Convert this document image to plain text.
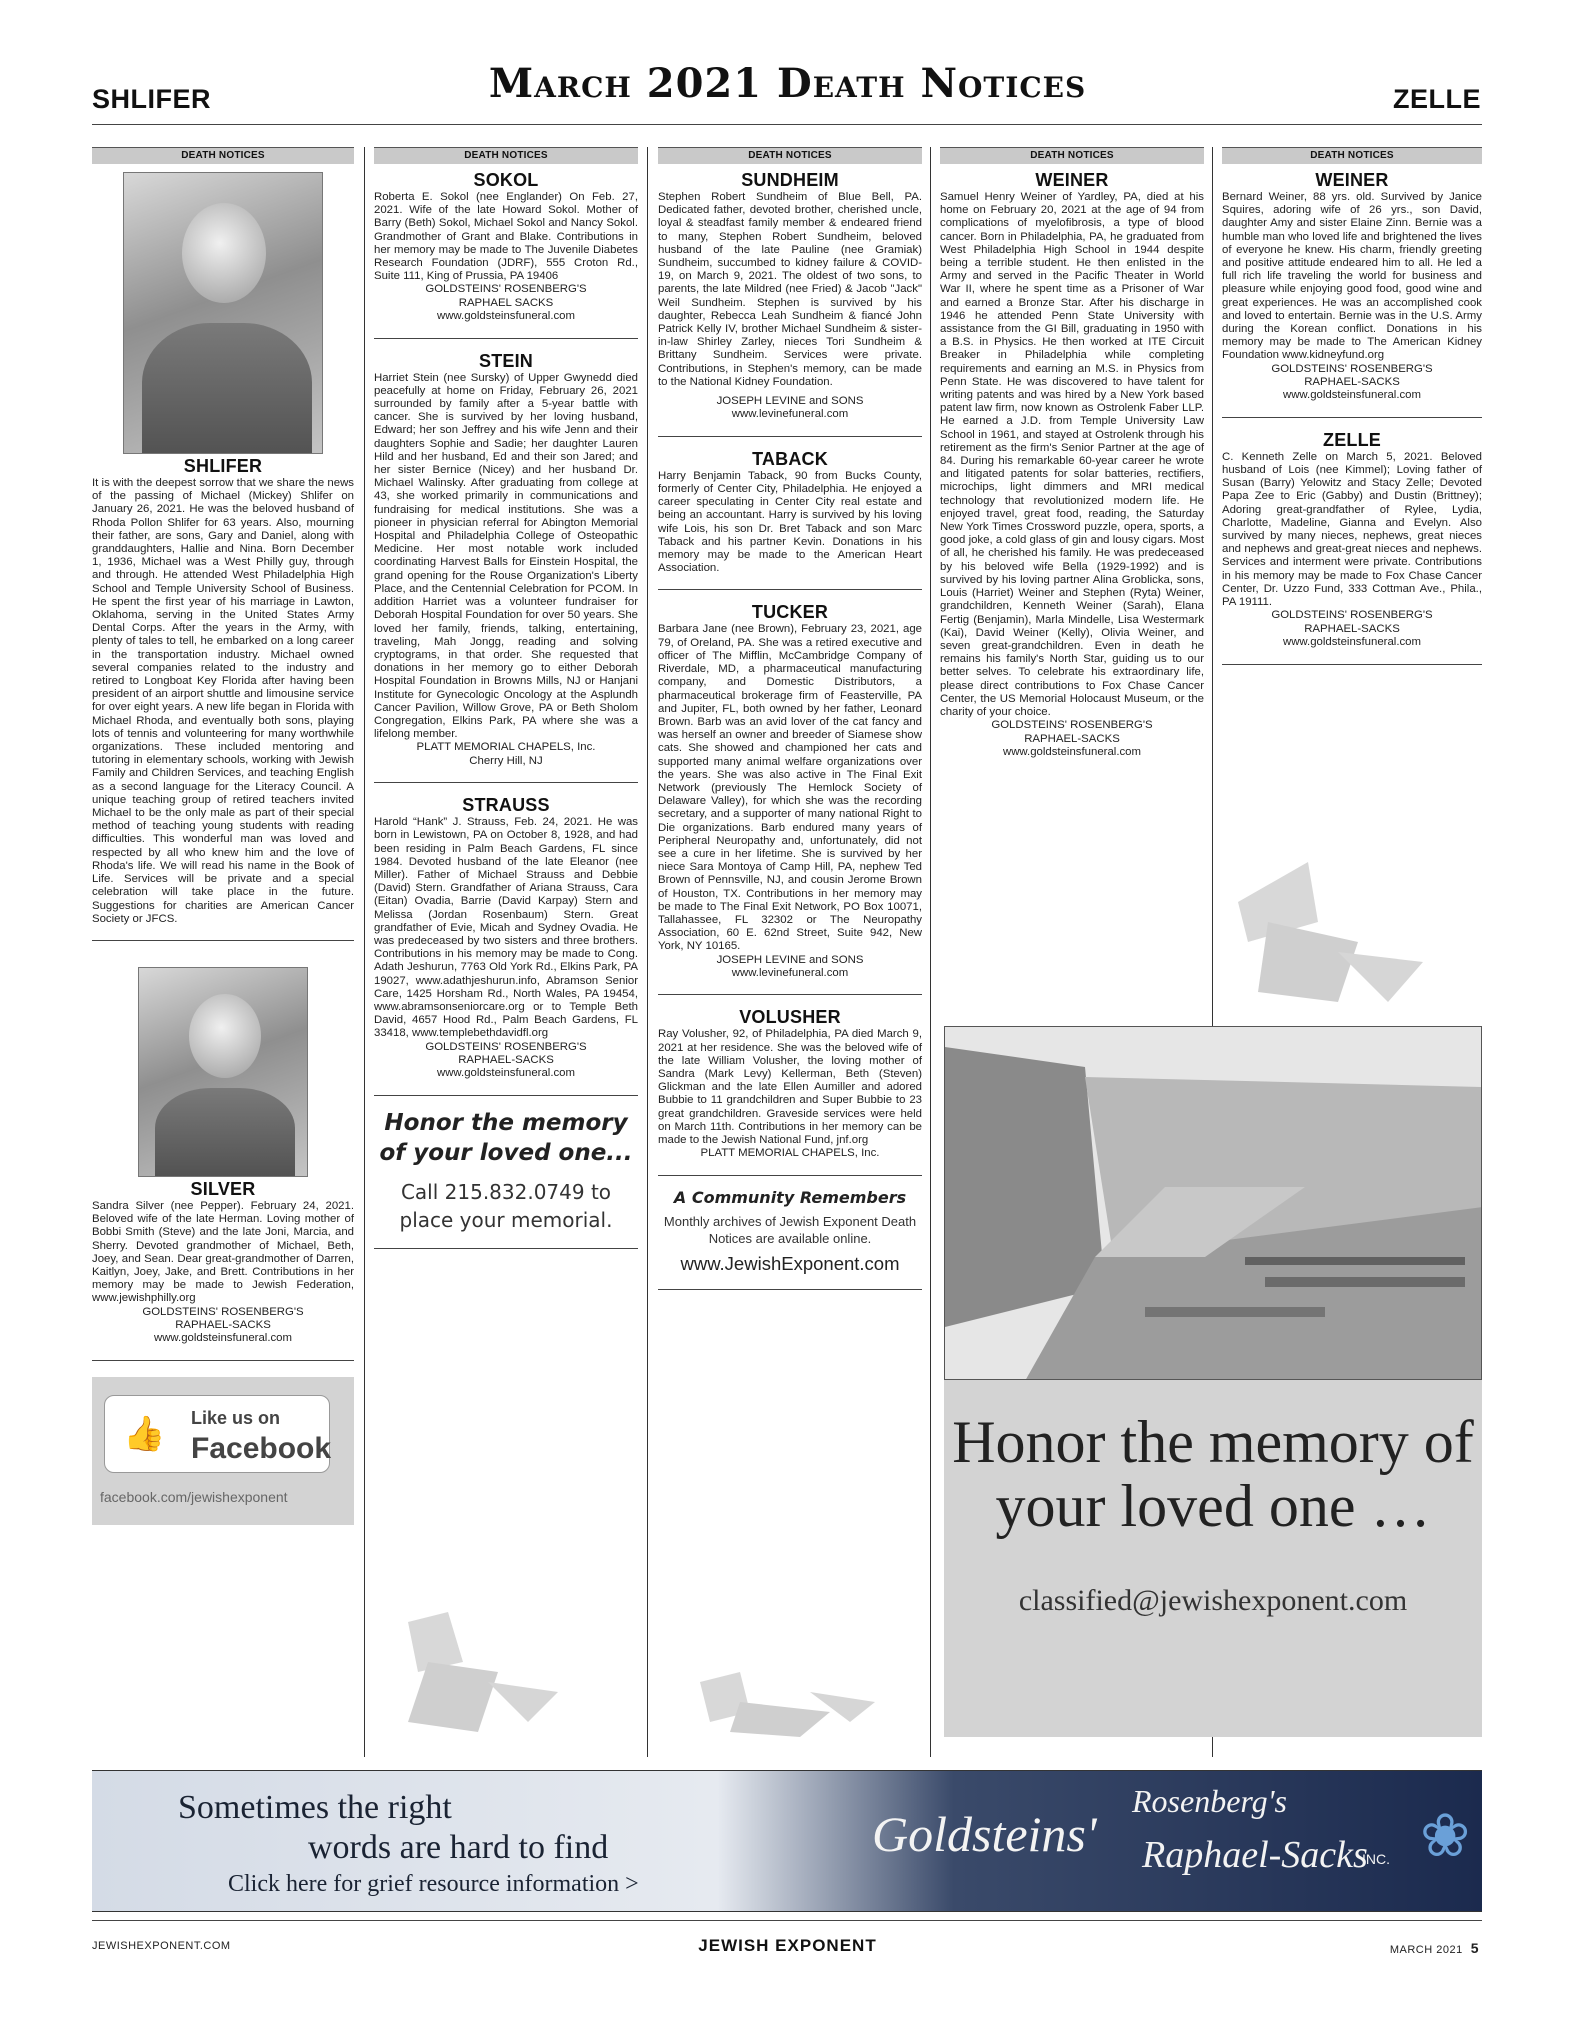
SHLIFER	March 2021 Death Notices	ZELLE
DEATH NOTICES
SHLIFER
It is with the deepest sorrow that we share the news of the passing of Michael (Mickey) Shlifer on January 26, 2021. He was the beloved husband of Rhoda Pollon Shlifer for 63 years. Also, mourning their father, are sons, Gary and Daniel, along with granddaughters, Hallie and Nina. Born December 1, 1936, Michael was a West Philly guy, through and through. He attended West Philadelphia High School and Temple University School of Business. He spent the first year of his marriage in Lawton, Oklahoma, serving in the United States Army Dental Corps. After the years in the Army, with plenty of tales to tell, he embarked on a long career in the transportation industry. Michael owned several companies related to the industry and retired to Longboat Key Florida after having been president of an airport shuttle and limousine service for over eight years. A new life began in Florida with Michael Rhoda, and eventually both sons, playing lots of tennis and volunteering for many worthwhile organizations. These included mentoring and tutoring in elementary schools, working with Jewish Family and Children Services, and teaching English as a second language for the Literacy Council. A unique teaching group of retired teachers invited Michael to be the only male as part of their special method of teaching young students with reading difficulties. This wonderful man was loved and respected by all who knew him and the love of Rhoda's life. We will read his name in the Book of Life. Services will be private and a special celebration will take place in the future. Suggestions for charities are American Cancer Society or JFCS.
SILVER
Sandra Silver (nee Pepper). February 24, 2021. Beloved wife of the late Herman. Loving mother of Bobbi Smith (Steve) and the late Joni, Marcia, and Sherry. Devoted grandmother of Michael, Beth, Joey, and Sean. Dear great-grandmother of Darren, Kaitlyn, Joey, Jake, and Brett. Contributions in her memory may be made to Jewish Federation, www.jewishphilly.org
GOLDSTEINS' ROSENBERG'S
RAPHAEL-SACKS
www.goldsteinsfuneral.com
👍 Like us on
Facebook
facebook.com/jewishexponent
DEATH NOTICES
SOKOL
Roberta E. Sokol (nee Englander) On Feb. 27, 2021. Wife of the late Howard Sokol. Mother of Barry (Beth) Sokol, Michael Sokol and Nancy Sokol. Grandmother of Grant and Blake. Contributions in her memory may be made to The Juvenile Diabetes Research Foundation (JDRF), 555 Croton Rd., Suite 111, King of Prussia, PA 19406
GOLDSTEINS' ROSENBERG'S
RAPHAEL SACKS
www.goldsteinsfuneral.com
STEIN
Harriet Stein (nee Sursky) of Upper Gwynedd died peacefully at home on Friday, February 26, 2021 surrounded by family after a 5-year battle with cancer. She is survived by her loving husband, Edward; her son Jeffrey and his wife Jenn and their daughters Sophie and Sadie; her daughter Lauren Hild and her husband, Ed and their son Jared; and her sister Bernice (Nicey) and her husband Dr. Michael Walinsky. After graduating from college at 43, she worked primarily in communications and fundraising for medical institutions. She was a pioneer in physician referral for Abington Memorial Hospital and Philadelphia College of Osteopathic Medicine. Her most notable work included coordinating Harvest Balls for Einstein Hospital, the grand opening for the Rouse Organization's Liberty Place, and the Centennial Celebration for PCOM. In addition Harriet was a volunteer fundraiser for Deborah Hospital Foundation for over 50 years. She loved her family, friends, talking, entertaining, traveling, Mah Jongg, reading and solving cryptograms, in that order. She requested that donations in her memory go to either Deborah Hospital Foundation in Browns Mills, NJ or Hanjani Institute for Gynecologic Oncology at the Asplundh Cancer Pavilion, Willow Grove, PA or Beth Sholom Congregation, Elkins Park, PA where she was a lifelong member.
PLATT MEMORIAL CHAPELS, Inc.
Cherry Hill, NJ
STRAUSS
Harold “Hank” J. Strauss, Feb. 24, 2021. He was born in Lewistown, PA on October 8, 1928, and had been residing in Palm Beach Gardens, FL since 1984. Devoted husband of the late Eleanor (nee Miller). Father of Michael Strauss and Debbie (David) Stern. Grandfather of Ariana Strauss, Cara (Eitan) Ovadia, Barrie (David Karpay) Stern and Melissa (Jordan Rosenbaum) Stern. Great grandfather of Evie, Micah and Sydney Ovadia. He was predeceased by two sisters and three brothers. Contributions in his memory may be made to Cong. Adath Jeshurun, 7763 Old York Rd., Elkins Park, PA 19027, www.adathjeshurun.info, Abramson Senior Care, 1425 Horsham Rd., North Wales, PA 19454, www.abramsonseniorcare.org or to Temple Beth David, 4657 Hood Rd., Palm Beach Gardens, FL 33418, www.templebethdavidfl.org
GOLDSTEINS' ROSENBERG'S
RAPHAEL-SACKS
www.goldsteinsfuneral.com
Honor the memory of your loved one...
Call 215.832.0749 to place your memorial.
DEATH NOTICES
SUNDHEIM
Stephen Robert Sundheim of Blue Bell, PA. Dedicated father, devoted brother, cherished uncle, loyal & steadfast family member & endeared friend to many, Stephen Robert Sundheim, beloved husband of the late Pauline (nee Gramiak) Sundheim, succumbed to kidney failure & COVID-19, on March 9, 2021. The oldest of two sons, to parents, the late Mildred (nee Fried) & Jacob "Jack" Weil Sundheim. Stephen is survived by his daughter, Rebecca Leah Sundheim & fiancé John Patrick Kelly IV, brother Michael Sundheim & sister-in-law Shirley Zarley, nieces Tori Sundheim & Brittany Sundheim. Services were private. Contributions, in Stephen's memory, can be made to the National Kidney Foundation.
JOSEPH LEVINE and SONS
www.levinefuneral.com
TABACK
Harry Benjamin Taback, 90 from Bucks County, formerly of Center City, Philadelphia. He enjoyed a career speculating in Center City real estate and being an accountant. Harry is survived by his loving wife Lois, his son Dr. Bret Taback and son Marc Taback and his partner Kevin. Donations in his memory may be made to the American Heart Association.
TUCKER
Barbara Jane (nee Brown), February 23, 2021, age 79, of Oreland, PA. She was a retired executive and officer of The Mifflin, McCambridge Company of Riverdale, MD, a pharmaceutical manufacturing company, and Domestic Distributors, a pharmaceutical brokerage firm of Feasterville, PA and Jupiter, FL, both owned by her father, Leonard Brown. Barb was an avid lover of the cat fancy and was herself an owner and breeder of Siamese show cats. She showed and championed her cats and supported many animal welfare organizations over the years. She was also active in The Final Exit Network (previously The Hemlock Society of Delaware Valley), for which she was the recording secretary, and a supporter of many national Right to Die organizations. Barb endured many years of Peripheral Neuropathy and, unfortunately, did not see a cure in her lifetime. She is survived by her niece Sara Montoya of Camp Hill, PA, nephew Ted Brown of Pennsville, NJ, and cousin Jerome Brown of Houston, TX. Contributions in her memory may be made to The Final Exit Network, PO Box 10071, Tallahassee, FL 32302 or The Neuropathy Association, 60 E. 62nd Street, Suite 942, New York, NY 10165.
JOSEPH LEVINE and SONS
www.levinefuneral.com
VOLUSHER
Ray Volusher, 92, of Philadelphia, PA died March 9, 2021 at her residence. She was the beloved wife of the late William Volusher, the loving mother of Sandra (Mark Levy) Kellerman, Beth (Steven) Glickman and the late Ellen Aumiller and adored Bubbie to 11 grandchildren and Super Bubbie to 23 great grandchildren. Graveside services were held on March 11th. Contributions in her memory can be made to the Jewish National Fund, jnf.org
PLATT MEMORIAL CHAPELS, Inc.
A Community Remembers
Monthly archives of Jewish Exponent Death Notices are available online.
www.JewishExponent.com
DEATH NOTICES
WEINER
Samuel Henry Weiner of Yardley, PA, died at his home on February 20, 2021 at the age of 94 from complications of myelofibrosis, a type of blood cancer. Born in Philadelphia, PA, he graduated from West Philadelphia High School in 1944 despite being a terrible student. He then enlisted in the Army and served in the Pacific Theater in World War II, where he spent time as a Prisoner of War and earned a Bronze Star. After his discharge in 1946 he attended Penn State University with assistance from the GI Bill, graduating in 1950 with a B.S. in Physics. He then worked at ITE Circuit Breaker in Philadelphia while completing requirements and earning an M.S. in Physics from Penn State. He was discovered to have talent for writing patents and was hired by a New York based patent law firm, now known as Ostrolenk Faber LLP. He earned a J.D. from Temple University Law School in 1961, and stayed at Ostrolenk through his retirement as the firm's Senior Partner at the age of 84. During his remarkable 60-year career he wrote and litigated patents for solar batteries, rectifiers, microchips, light dimmers and MRI medical technology that revolutionized modern life. He enjoyed travel, great food, reading, the Saturday New York Times Crossword puzzle, opera, sports, a good joke, a cold glass of gin and lousy cigars. Most of all, he cherished his family. He was predeceased by his beloved wife Bella (1929-1992) and is survived by his loving partner Alina Groblicka, sons, Louis (Harriet) Weiner and Stephen (Ryta) Weiner, grandchildren, Kenneth Weiner (Sarah), Elana Fertig (Benjamin), Marla Mindelle, Lisa Westermark (Kai), David Weiner (Kelly), Olivia Weiner, and seven great-grandchildren. Even in death he remains his family's North Star, guiding us to our better selves. To celebrate his extraordinary life, please direct contributions to Fox Chase Cancer Center, the US Memorial Holocaust Museum, or the charity of your choice.
GOLDSTEINS' ROSENBERG'S
RAPHAEL-SACKS
www.goldsteinsfuneral.com
DEATH NOTICES
WEINER
Bernard Weiner, 88 yrs. old. Survived by Janice Squires, adoring wife of 26 yrs., son David, daughter Amy and sister Elaine Zinn. Bernie was a humble man who loved life and brightened the lives of everyone he knew. His charm, friendly greeting and positive attitude endeared him to all. He led a full rich life traveling the world for business and pleasure while enjoying good food, good wine and great experiences. He was an accomplished cook and loved to entertain. Bernie was in the U.S. Army during the Korean conflict. Donations in his memory may be made to The American Kidney Foundation www.kidneyfund.org
GOLDSTEINS' ROSENBERG'S
RAPHAEL-SACKS
www.goldsteinsfuneral.com
ZELLE
C. Kenneth Zelle on March 5, 2021. Beloved husband of Lois (nee Kimmel); Loving father of Susan (Barry) Yelowitz and Stacy Zelle; Devoted Papa Zee to Eric (Gabby) and Dustin (Brittney); Adoring great-grandfather of Rylee, Lydia, Charlotte, Madeline, Gianna and Evelyn. Also survived by many nieces, nephews, great nieces and nephews and great-great nieces and nephews. Services and interment were private. Contributions in his memory may be made to Fox Chase Cancer Center, Dr. Uzzo Fund, 333 Cottman Ave., Phila., PA 19111.
GOLDSTEINS' ROSENBERG'S
RAPHAEL-SACKS
www.goldsteinsfuneral.com
Honor the memory of your loved one …
classified@jewishexponent.com
Sometimes the right
words are hard to find
Click here for grief resource information >
Goldsteins'
Rosenberg's
Raphael-Sacks
INC. ❀
JEWISHEXPONENT.COM	JEWISH EXPONENT	MARCH 2021 5
